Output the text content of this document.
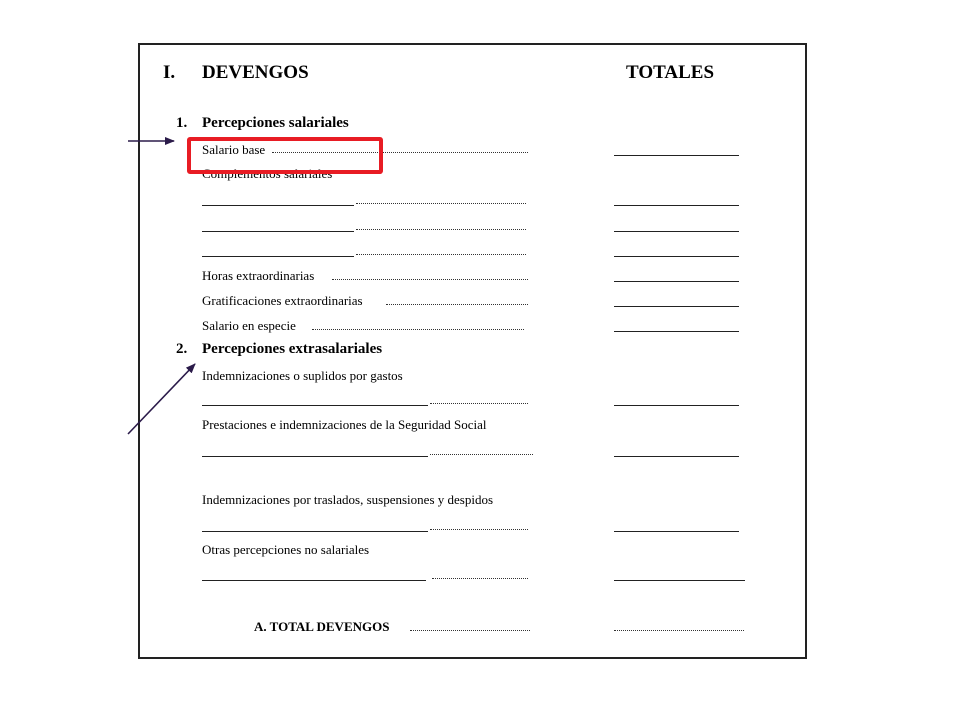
I. DEVENGOS	TOTALES
1. Percepciones salariales
Salario base
Complementos salariales
Horas extraordinarias
Gratificaciones extraordinarias
Salario en especie
2. Percepciones extrasalariales
Indemnizaciones o suplidos por gastos
Prestaciones e indemnizaciones de la Seguridad Social
Indemnizaciones por traslados, suspensiones y despidos
Otras percepciones no salariales
A. TOTAL DEVENGOS
